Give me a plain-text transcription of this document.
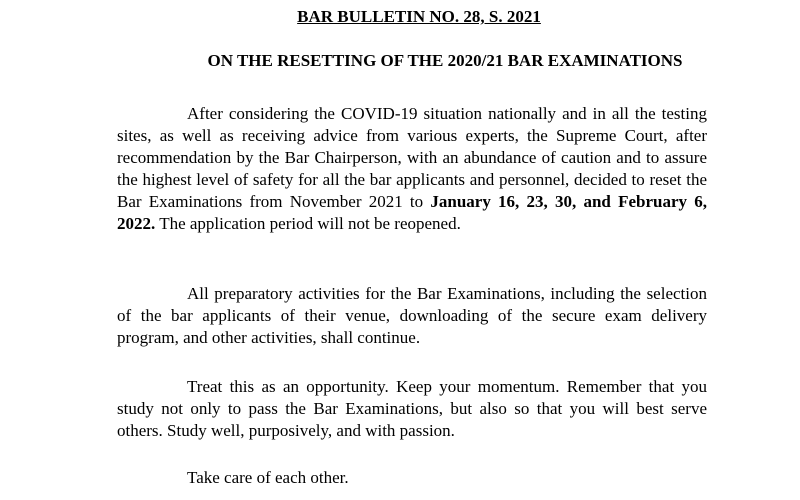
BAR BULLETIN NO. 28, S. 2021
ON THE RESETTING OF THE 2020/21 BAR EXAMINATIONS

After considering the COVID-19 situation nationally and in all the testing sites, as well as receiving advice from various experts, the Supreme Court, after recommendation by the Bar Chairperson, with an abundance of caution and to assure the highest level of safety for all the bar applicants and personnel, decided to reset the Bar Examinations from November 2021 to January 16, 23, 30, and February 6, 2022. The application period will not be reopened.

All preparatory activities for the Bar Examinations, including the selection of the bar applicants of their venue, downloading of the secure exam delivery program, and other activities, shall continue.

Treat this as an opportunity. Keep your momentum. Remember that you study not only to pass the Bar Examinations, but also so that you will best serve others. Study well, purposively, and with passion.

Take care of each other.
